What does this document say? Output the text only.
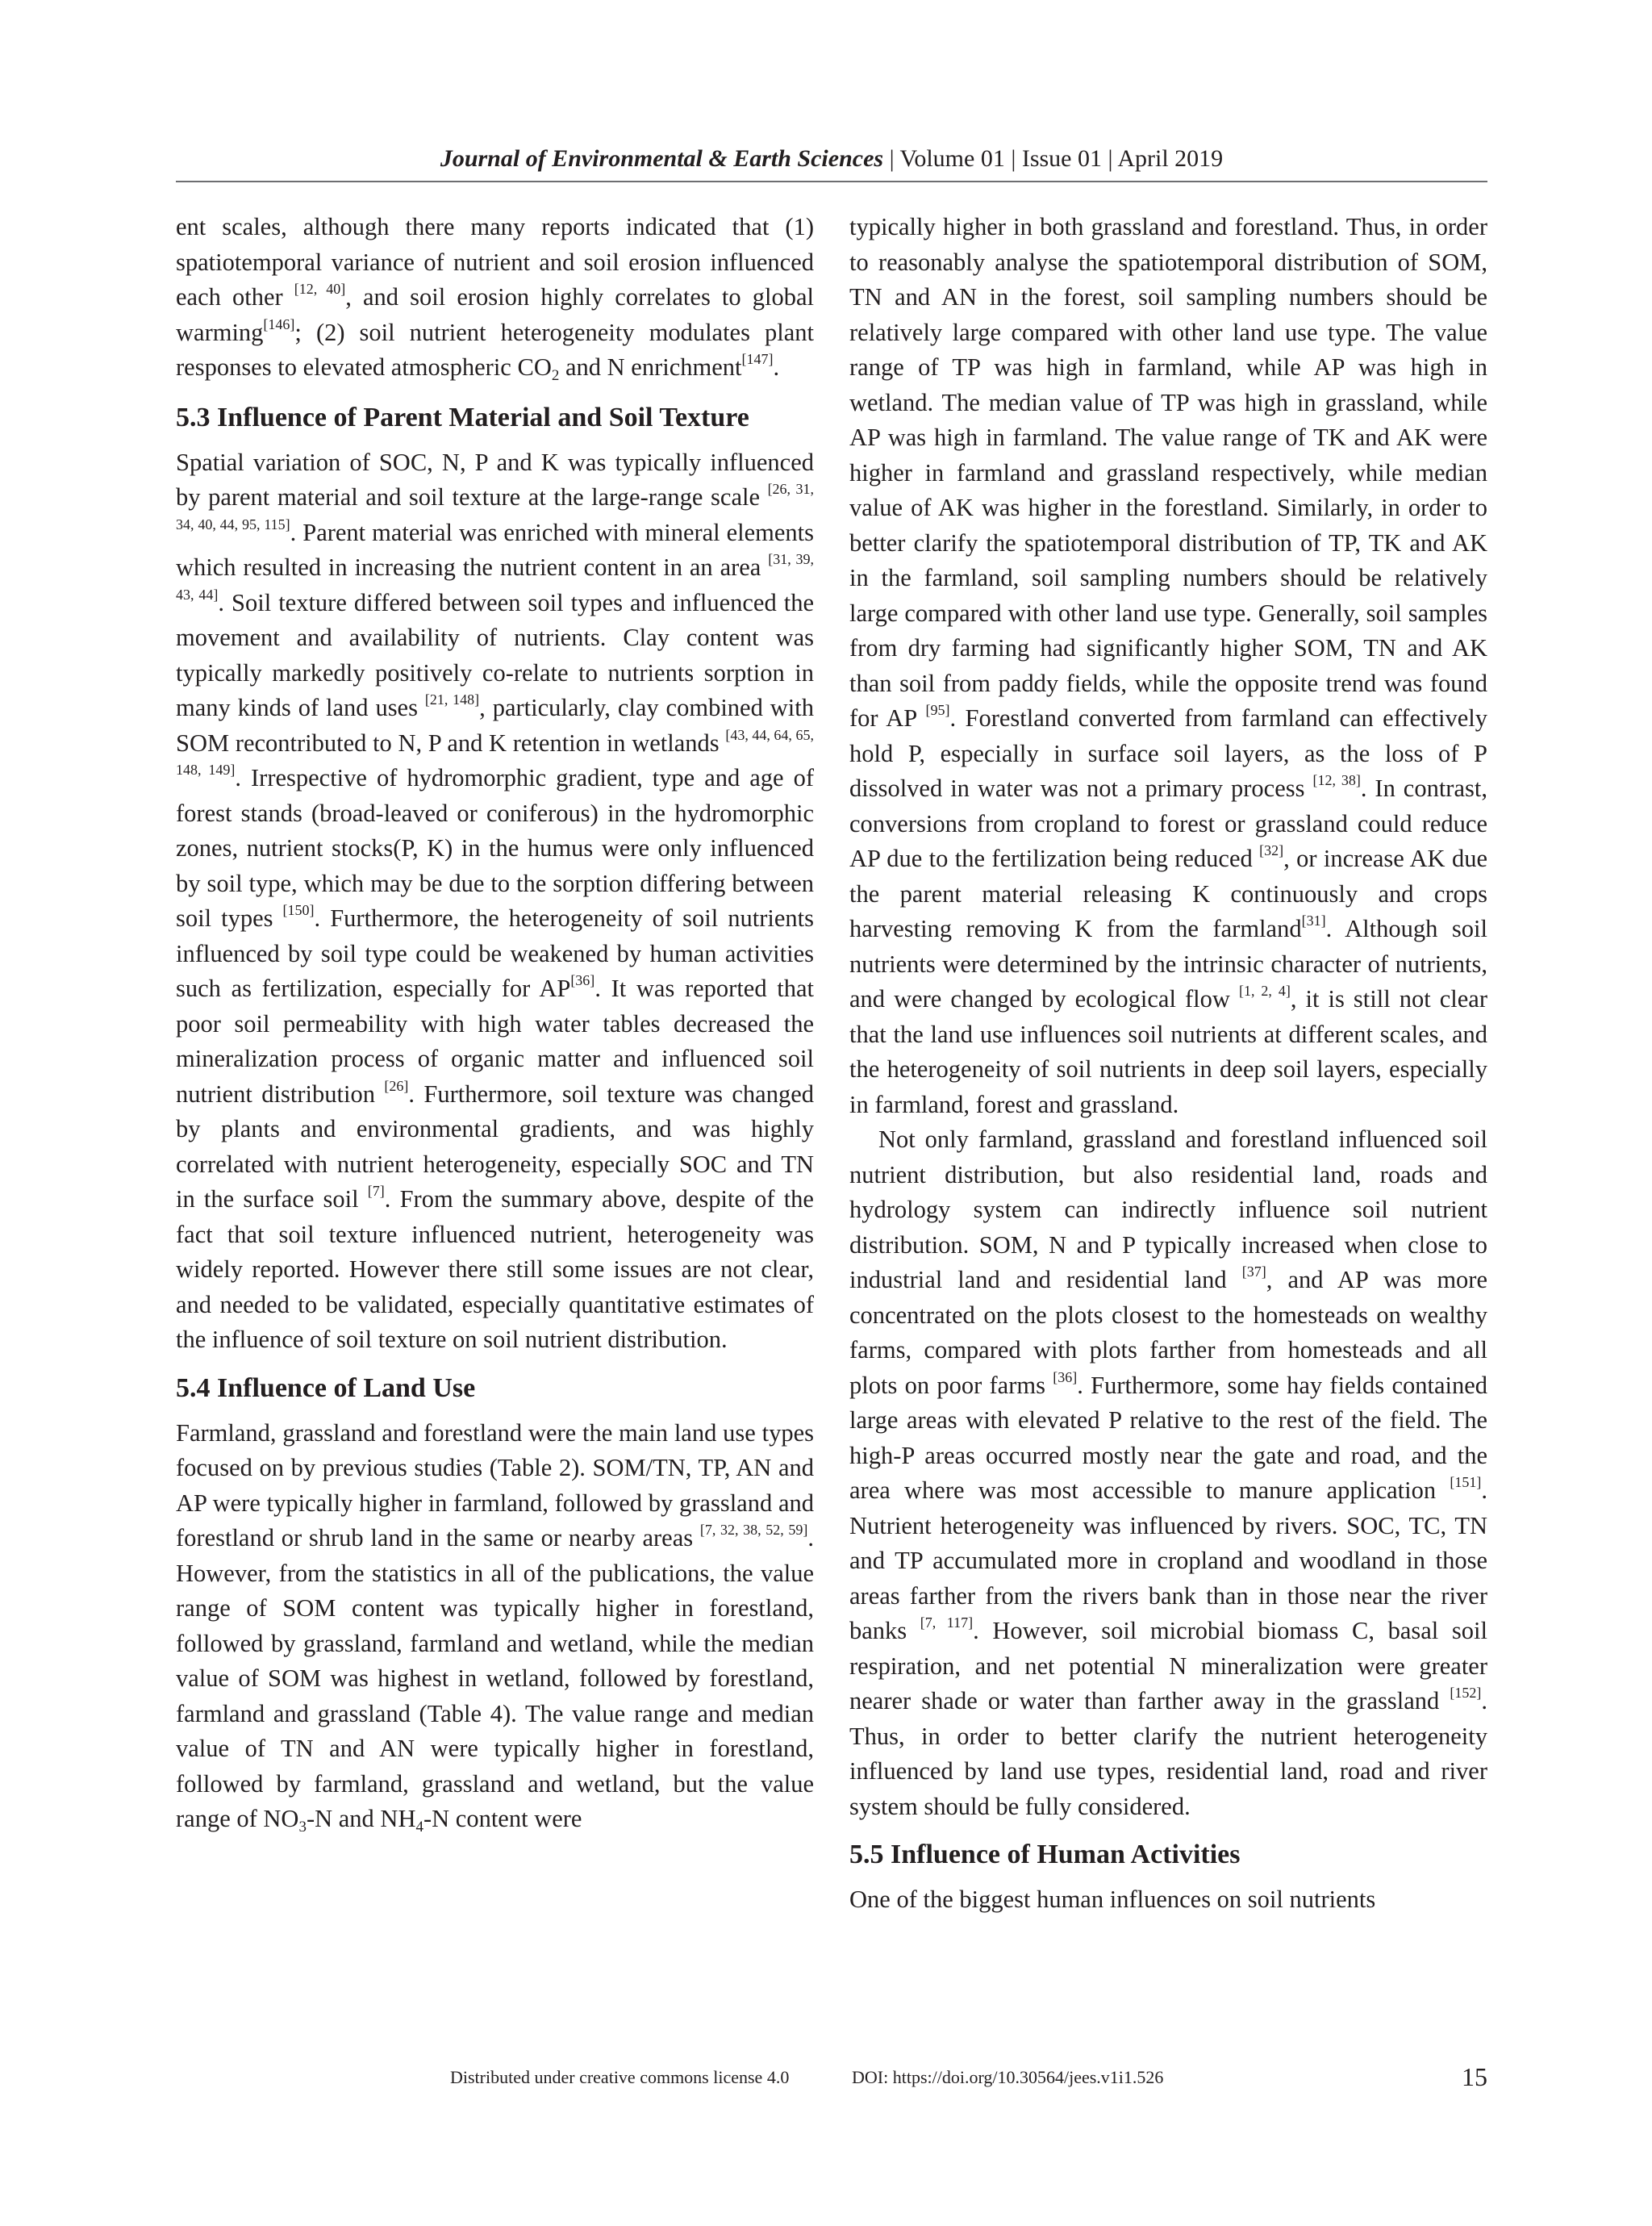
Journal of Environmental & Earth Sciences | Volume 01 | Issue 01 | April 2019

ent scales, although there many reports indicated that (1) spatiotemporal variance of nutrient and soil erosion influenced each other [12, 40], and soil erosion highly correlates to global warming[146]; (2) soil nutrient heterogeneity modulates plant responses to elevated atmospheric $CO_2$ and N enrichment[147].

5.3 Influence of Parent Material and Soil Texture

Spatial variation of SOC, N, P and K was typically influenced by parent material and soil texture at the large-range scale [26, 31, 34, 40, 44, 95, 115]. Parent material was enriched with mineral elements which resulted in increasing the nutrient content in an area [31, 39, 43, 44]. Soil texture differed between soil types and influenced the movement and availability of nutrients. Clay content was typically markedly positively co-relate to nutrients sorption in many kinds of land uses [21, 148], particularly, clay combined with SOM recontributed to N, P and K retention in wetlands [43, 44, 64, 65, 148, 149]. Irrespective of hydromorphic gradient, type and age of forest stands (broad-leaved or coniferous) in the hydromorphic zones, nutrient stocks(P, K) in the humus were only influenced by soil type, which may be due to the sorption differing between soil types [150]. Furthermore, the heterogeneity of soil nutrients influenced by soil type could be weakened by human activities such as fertilization, especially for AP[36]. It was reported that poor soil permeability with high water tables decreased the mineralization process of organic matter and influenced soil nutrient distribution [26]. Furthermore, soil texture was changed by plants and environmental gradients, and was highly correlated with nutrient heterogeneity, especially SOC and TN in the surface soil [7]. From the summary above, despite of the fact that soil texture influenced nutrient, heterogeneity was widely reported. However there still some issues are not clear, and needed to be validated, especially quantitative estimates of the influence of soil texture on soil nutrient distribution.

5.4 Influence of Land Use

Farmland, grassland and forestland were the main land use types focused on by previous studies (Table 2). SOM/TN, TP, AN and AP were typically higher in farmland, followed by grassland and forestland or shrub land in the same or nearby areas [7, 32, 38, 52, 59]. However, from the statistics in all of the publications, the value range of SOM content was typically higher in forestland, followed by grassland, farmland and wetland, while the median value of SOM was highest in wetland, followed by forestland, farmland and grassland (Table 4). The value range and median value of TN and AN were typically higher in forestland, followed by farmland, grassland and wetland, but the value range of $NO_3-N$ and $NH_4-N$ content were

typically higher in both grassland and forestland. Thus, in order to reasonably analyse the spatiotemporal distribution of SOM, TN and AN in the forest, soil sampling numbers should be relatively large compared with other land use type. The value range of TP was high in farmland, while AP was high in wetland. The median value of TP was high in grassland, while AP was high in farmland. The value range of TK and AK were higher in farmland and grassland respectively, while median value of AK was higher in the forestland. Similarly, in order to better clarify the spatiotemporal distribution of TP, TK and AK in the farmland, soil sampling numbers should be relatively large compared with other land use type. Generally, soil samples from dry farming had significantly higher SOM, TN and AK than soil from paddy fields, while the opposite trend was found for AP [95]. Forestland converted from farmland can effectively hold P, especially in surface soil layers, as the loss of P dissolved in water was not a primary process [12, 38]. In contrast, conversions from cropland to forest or grassland could reduce AP due to the fertilization being reduced [32], or increase AK due the parent material releasing K continuously and crops harvesting removing K from the farmland[31]. Although soil nutrients were determined by the intrinsic character of nutrients, and were changed by ecological flow [1, 2, 4], it is still not clear that the land use influences soil nutrients at different scales, and the heterogeneity of soil nutrients in deep soil layers, especially in farmland, forest and grassland.

Not only farmland, grassland and forestland influenced soil nutrient distribution, but also residential land, roads and hydrology system can indirectly influence soil nutrient distribution. SOM, N and P typically increased when close to industrial land and residential land [37], and AP was more concentrated on the plots closest to the homesteads on wealthy farms, compared with plots farther from homesteads and all plots on poor farms [36]. Furthermore, some hay fields contained large areas with elevated P relative to the rest of the field. The high-P areas occurred mostly near the gate and road, and the area where was most accessible to manure application [151]. Nutrient heterogeneity was influenced by rivers. SOC, TC, TN and TP accumulated more in cropland and woodland in those areas farther from the rivers bank than in those near the river banks [7, 117]. However, soil microbial biomass C, basal soil respiration, and net potential N mineralization were greater nearer shade or water than farther away in the grassland [152]. Thus, in order to better clarify the nutrient heterogeneity influenced by land use types, residential land, road and river system should be fully considered.

5.5 Influence of Human Activities

One of the biggest human influences on soil nutrients

Distributed under creative commons license 4.0	DOI: https://doi.org/10.30564/jees.v1i1.526	15
